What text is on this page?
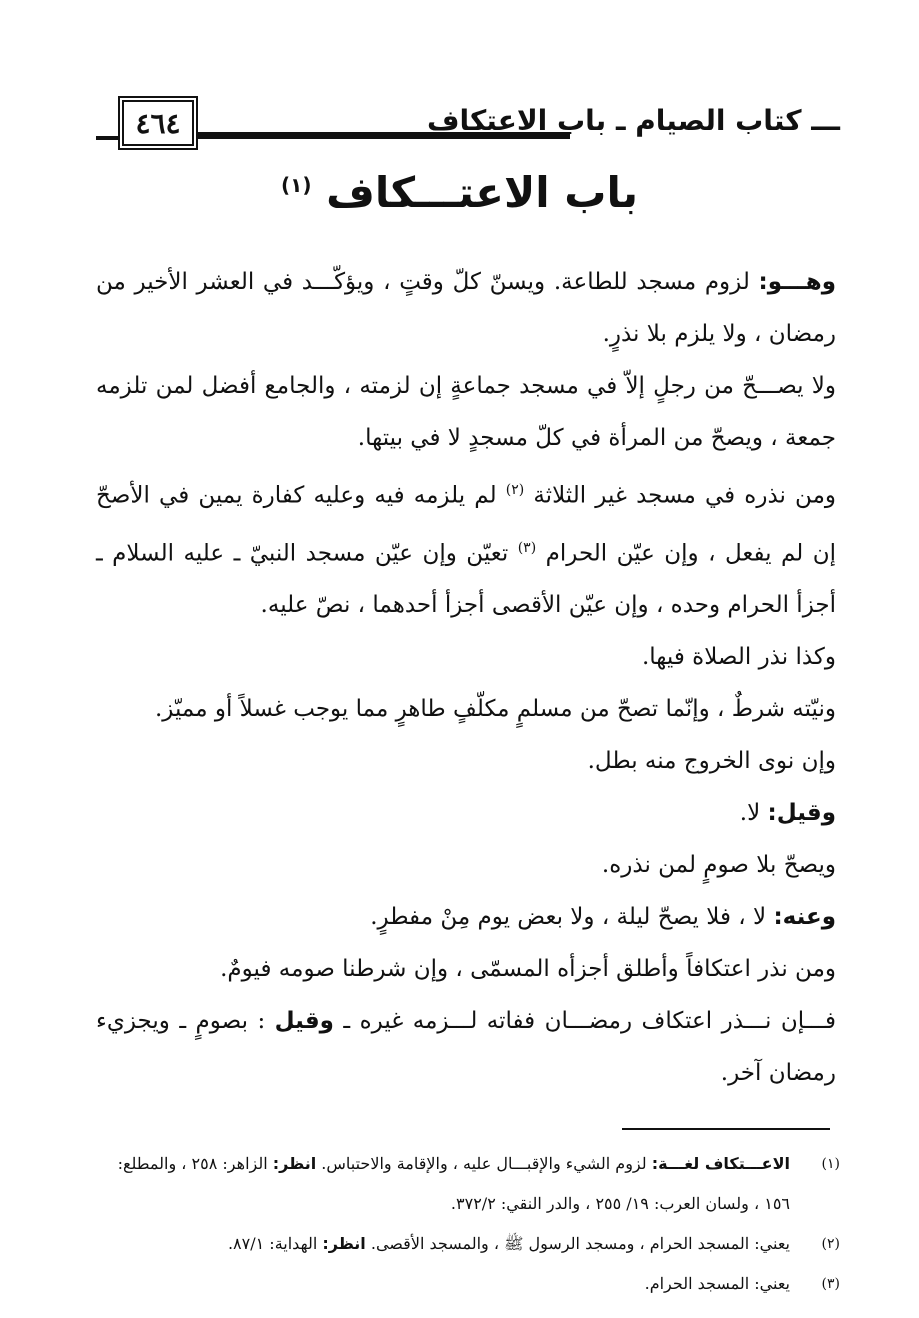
٤٦٤	ـــ كتاب الصيام ـ باب الاعتكاف
باب الاعتـــكاف $^{(١)}$

وهـــو: لزوم مسجد للطاعة. ويسنّ كلّ وقتٍ ، ويؤكّـــد في العشر الأخير من رمضان ، ولا يلزم بلا نذرٍ.

ولا يصـــحّ من رجلٍ إلاّ في مسجد جماعةٍ إن لزمته ، والجامع أفضل لمن تلزمه جمعة ، ويصحّ من المرأة في كلّ مسجدٍ لا في بيتها.

ومن نذره في مسجد غير الثلاثة $^{(٢)}$ لم يلزمه فيه وعليه كفارة يمين في الأصحّ إن لم يفعل ، وإن عيّن الحرام $^{(٣)}$ تعيّن وإن عيّن مسجد النبيّ ـ عليه السلام ـ أجزأ الحرام وحده ، وإن عيّن الأقصى أجزأ أحدهما ، نصّ عليه.

وكذا نذر الصلاة فيها.

ونيّته شرطٌ ، وإنّما تصحّ من مسلمٍ مكلّفٍ طاهرٍ مما يوجب غسلاً أو مميّز.

وإن نوى الخروج منه بطل.

وقيل: لا.

ويصحّ بلا صومٍ لمن نذره.

وعنه: لا ، فلا يصحّ ليلة ، ولا بعض يوم مِنْ مفطرٍ.

ومن نذر اعتكافاً وأطلق أجزأه المسمّى ، وإن شرطنا صومه فيومٌ.

فـــإن نـــذر اعتكاف رمضـــان ففاته لـــزمه غيره ـ وقيل : بصومٍ ـ ويجزيء رمضان آخر.

(١)
الاعـــتكاف لغـــة: لزوم الشيء والإقبـــال عليه ، والإقامة والاحتباس. انظر: الزاهر: ٢٥٨ ، والمطلع: ١٥٦ ، ولسان العرب: ١٩/ ٢٥٥ ، والدر النقي: ٣٧٢/٢.
(٢)
يعني: المسجد الحرام ، ومسجد الرسول ﷺ ، والمسجد الأقصى. انظر: الهداية: ٨٧/١.
(٣)
يعني: المسجد الحرام.
